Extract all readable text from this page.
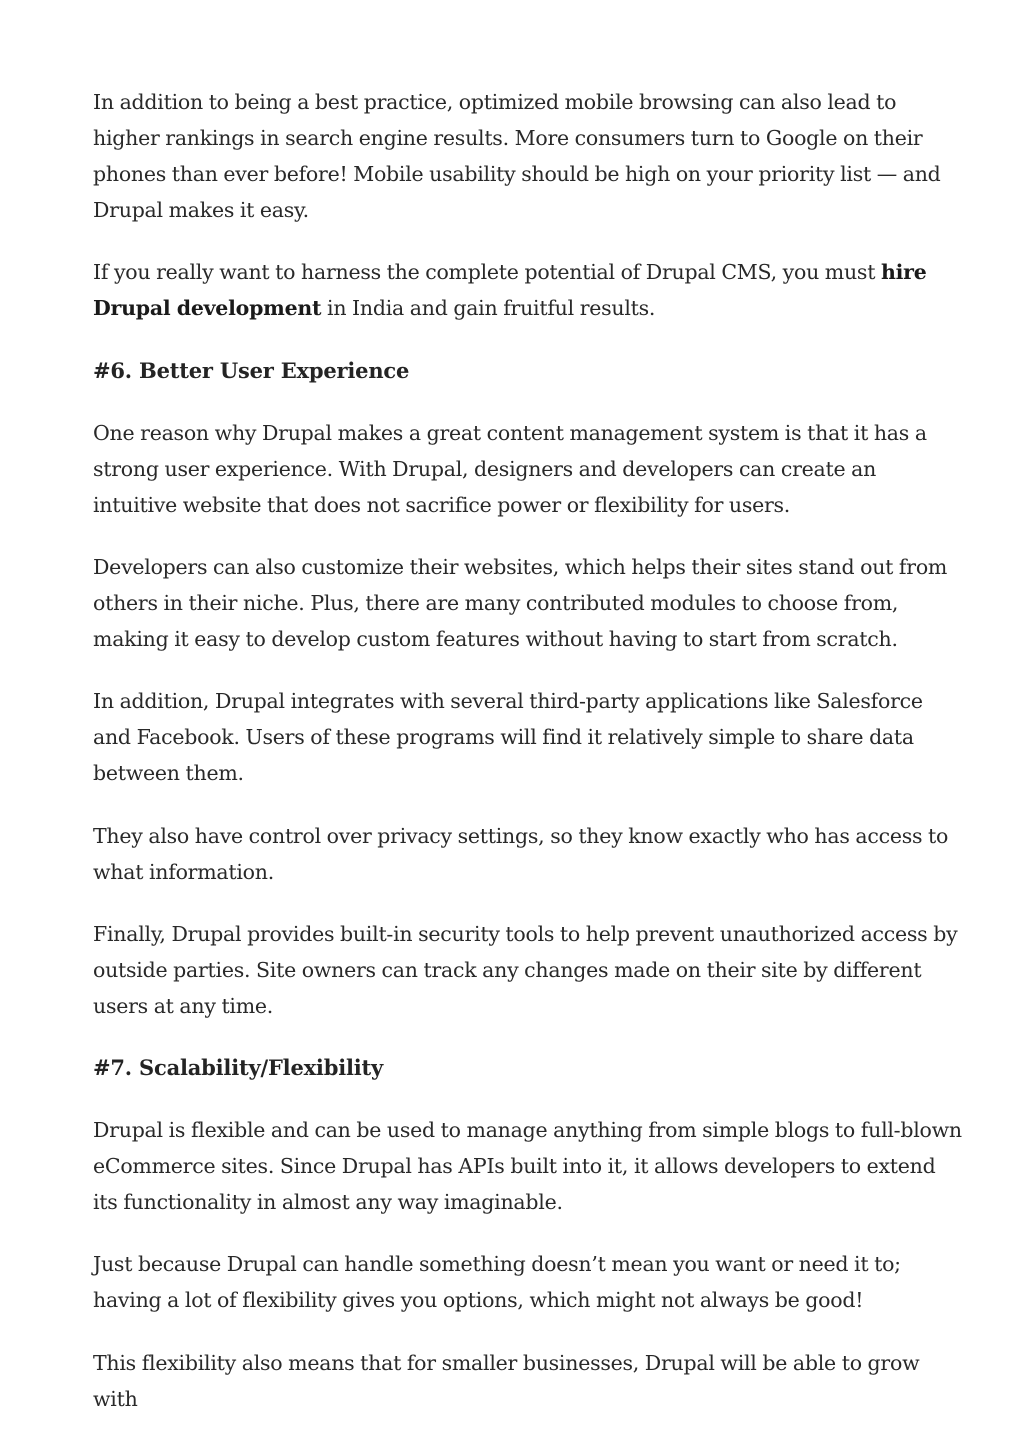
In addition to being a best practice, optimized mobile browsing can also lead to higher rankings in search engine results. More consumers turn to Google on their phones than ever before! Mobile usability should be high on your priority list — and Drupal makes it easy.

If you really want to harness the complete potential of Drupal CMS, you must hire Drupal development in India and gain fruitful results.

#6. Better User Experience

One reason why Drupal makes a great content management system is that it has a strong user experience. With Drupal, designers and developers can create an intuitive website that does not sacrifice power or flexibility for users.

Developers can also customize their websites, which helps their sites stand out from others in their niche. Plus, there are many contributed modules to choose from, making it easy to develop custom features without having to start from scratch.

In addition, Drupal integrates with several third-party applications like Salesforce and Facebook. Users of these programs will find it relatively simple to share data between them.

They also have control over privacy settings, so they know exactly who has access to what information.

Finally, Drupal provides built-in security tools to help prevent unauthorized access by outside parties. Site owners can track any changes made on their site by different users at any time.

#7. Scalability/Flexibility

Drupal is flexible and can be used to manage anything from simple blogs to full-blown eCommerce sites. Since Drupal has APIs built into it, it allows developers to extend its functionality in almost any way imaginable.

Just because Drupal can handle something doesn’t mean you want or need it to; having a lot of flexibility gives you options, which might not always be good!

This flexibility also means that for smaller businesses, Drupal will be able to grow with
